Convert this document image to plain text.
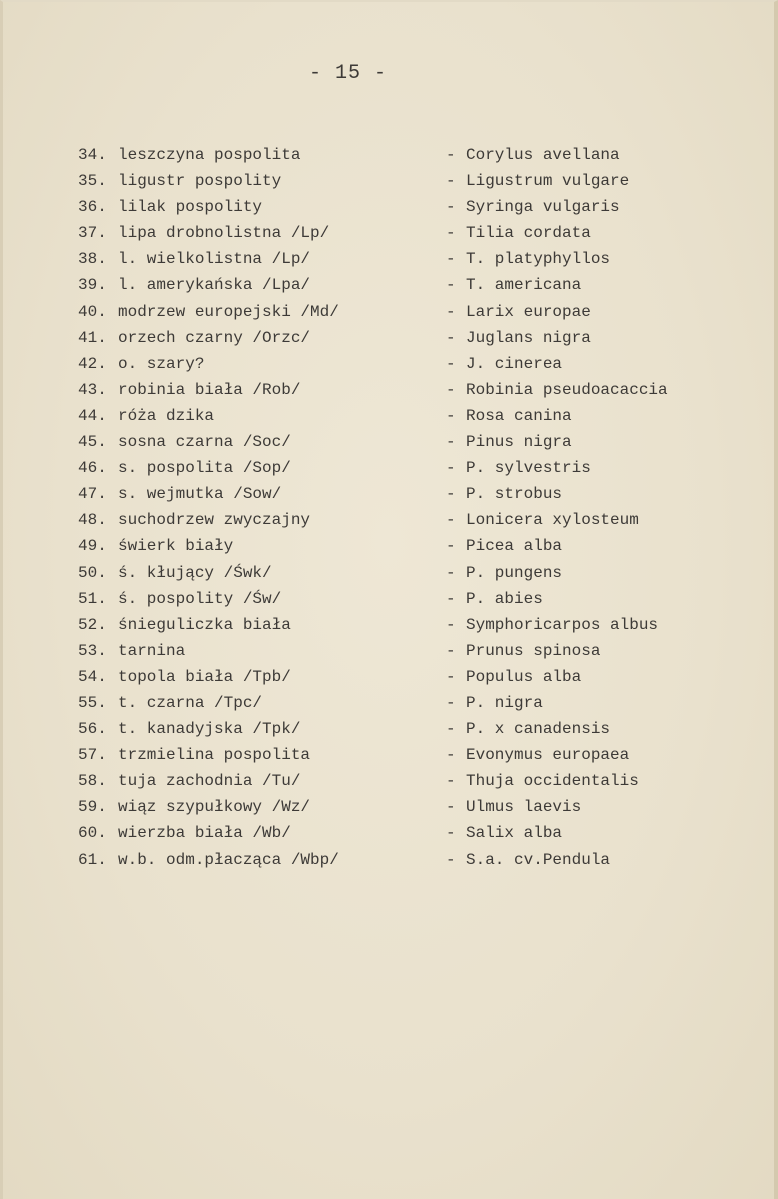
- 15 -
34. leszczyna pospolita	- Corylus avellana
35. ligustr pospolity	- Ligustrum vulgare
36. lilak pospolity	- Syringa vulgaris
37. lipa drobnolistna /Lp/	- Tilia cordata
38. l. wielkolistna /Lp/	- T. platyphyllos
39. l. amerykańska /Lpa/	- T. americana
40. modrzew europejski /Md/	- Larix europae
41. orzech czarny /Orzc/	- Juglans nigra
42. o. szary?	- J. cinerea
43. robinia biała /Rob/	- Robinia pseudoacaccia
44. róża dzika	- Rosa canina
45. sosna czarna /Soc/	- Pinus nigra
46. s. pospolita /Sop/	- P. sylvestris
47. s. wejmutka /Sow/	- P. strobus
48. suchodrzew zwyczajny	- Lonicera xylosteum
49. świerk biały	- Picea alba
50. ś. kłujący /Śwk/	- P. pungens
51. ś. pospolity /Św/	- P. abies
52. śnieguliczka biała	- Symphoricarpos albus
53. tarnina	- Prunus spinosa
54. topola biała /Tpb/	- Populus alba
55. t. czarna /Tpc/	- P. nigra
56. t. kanadyjska /Tpk/	- P. x canadensis
57. trzmielina pospolita	- Evonymus europaea
58. tuja zachodnia /Tu/	- Thuja occidentalis
59. wiąz szypułkowy /Wz/	- Ulmus laevis
60. wierzba biała /Wb/	- Salix alba
61. w.b. odm.płacząca /Wbp/	- S.a. cv.Pendula
